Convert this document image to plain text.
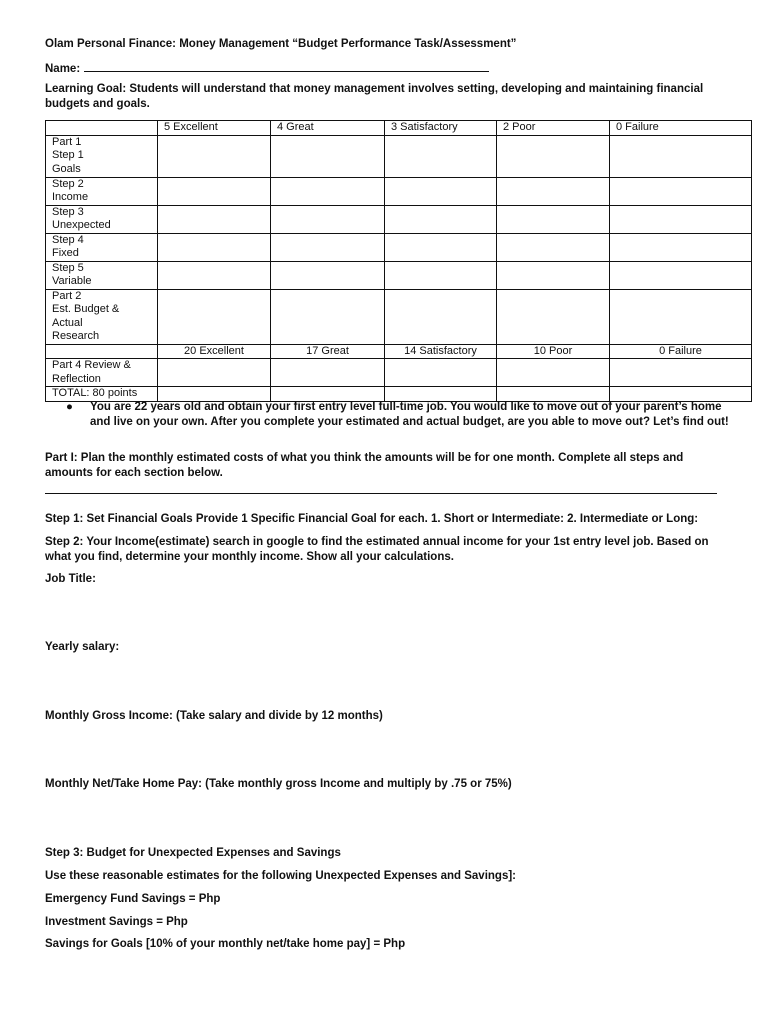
Olam Personal Finance: Money Management “Budget Performance Task/Assessment”
Name:
Learning Goal: Students will understand that money management involves setting, developing and maintaining financial budgets and goals.
	5 Excellent	4 Great	3 Satisfactory	2 Poor	0 Failure

Part 1
Step 1
Goals					

Step 2
Income					

Step 3
Unexpected					

Step 4
Fixed					

Step 5
Variable					

Part 2
Est. Budget &
Actual
Research					

	20 Excellent	17 Great	14 Satisfactory	10 Poor	0 Failure

Part 4 Review &
Reflection					

TOTAL: 80 points					
● You are 22 years old and obtain your first entry level full-time job. You would like to move out of your parent’s home and live on your own. After you complete your estimated and actual budget, are you able to move out? Let’s find out!
Part I: Plan the monthly estimated costs of what you think the amounts will be for one month. Complete all steps and amounts for each section below.
Step 1: Set Financial Goals Provide 1 Specific Financial Goal for each. 1. Short or Intermediate: 2. Intermediate or Long:
Step 2: Your Income(estimate) search in google to find the estimated annual income for your 1st entry level job. Based on what you find, determine your monthly income. Show all your calculations.
Job Title:
Yearly salary:
Monthly Gross Income: (Take salary and divide by 12 months)
Monthly Net/Take Home Pay: (Take monthly gross Income and multiply by .75 or 75%)
Step 3: Budget for Unexpected Expenses and Savings
Use these reasonable estimates for the following Unexpected Expenses and Savings]:
Emergency Fund Savings = Php
Investment Savings = Php
Savings for Goals [10% of your monthly net/take home pay] = Php
